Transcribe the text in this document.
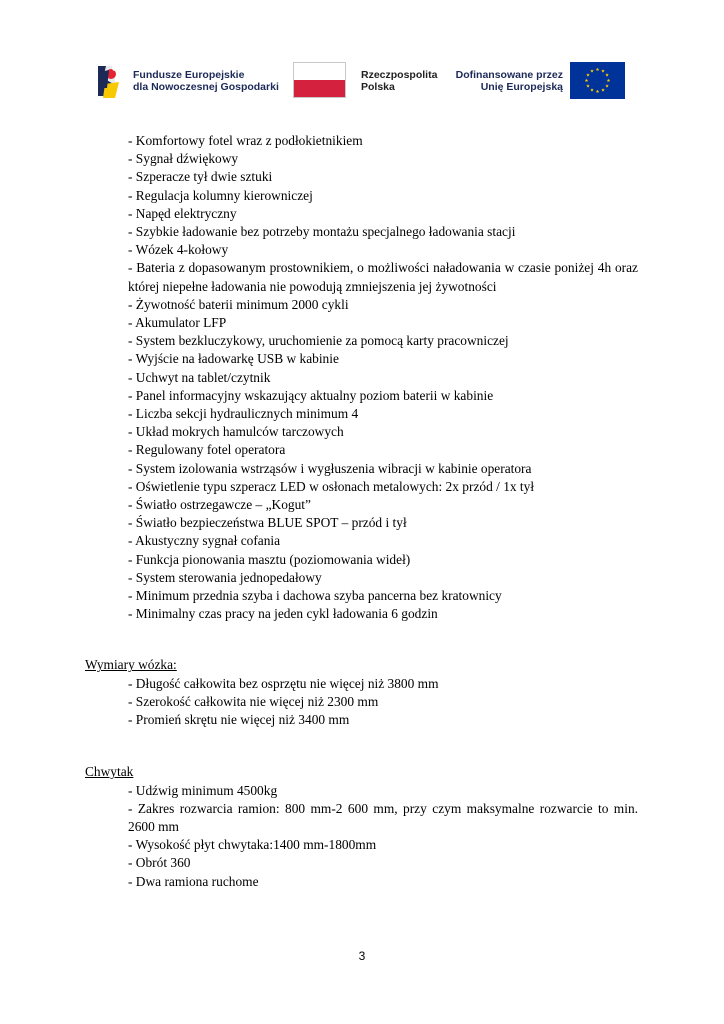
Fundusze Europejskie
dla Nowoczesnej Gospodarki
Rzeczpospolita
Polska
Dofinansowane przez
Unię Europejską
- Komfortowy fotel wraz z podłokietnikiem
- Sygnał dźwiękowy
- Szperacze tył dwie sztuki
- Regulacja kolumny kierowniczej
- Napęd elektryczny
- Szybkie ładowanie bez potrzeby montażu specjalnego ładowania stacji
- Wózek 4-kołowy
- Bateria z dopasowanym prostownikiem, o możliwości naładowania w czasie poniżej 4h oraz której niepełne ładowania nie powodują zmniejszenia jej żywotności
- Żywotność baterii minimum 2000 cykli
- Akumulator LFP
- System bezkluczykowy, uruchomienie za pomocą karty pracowniczej
- Wyjście na ładowarkę USB w kabinie
- Uchwyt na tablet/czytnik
- Panel informacyjny wskazujący aktualny poziom baterii w kabinie
- Liczba sekcji hydraulicznych minimum 4
- Układ mokrych hamulców tarczowych
- Regulowany fotel operatora
- System izolowania wstrząsów i wygłuszenia wibracji w kabinie operatora
- Oświetlenie typu szperacz LED w osłonach metalowych: 2x przód / 1x tył
- Światło ostrzegawcze – „Kogut”
- Światło bezpieczeństwa BLUE SPOT – przód i tył
- Akustyczny sygnał cofania
- Funkcja pionowania masztu (poziomowania wideł)
- System sterowania jednopedałowy
- Minimum przednia szyba i dachowa szyba pancerna bez kratownicy
- Minimalny czas pracy na jeden cykl ładowania 6 godzin
Wymiary wózka:
- Długość całkowita bez osprzętu nie więcej niż 3800 mm
- Szerokość całkowita nie więcej niż 2300 mm
- Promień skrętu nie więcej niż 3400 mm
Chwytak
- Udźwig minimum 4500kg
- Zakres rozwarcia ramion: 800 mm-2 600 mm, przy czym maksymalne rozwarcie to min. 2600 mm
- Wysokość płyt chwytaka:1400 mm-1800mm
- Obrót 360
- Dwa ramiona ruchome
3
